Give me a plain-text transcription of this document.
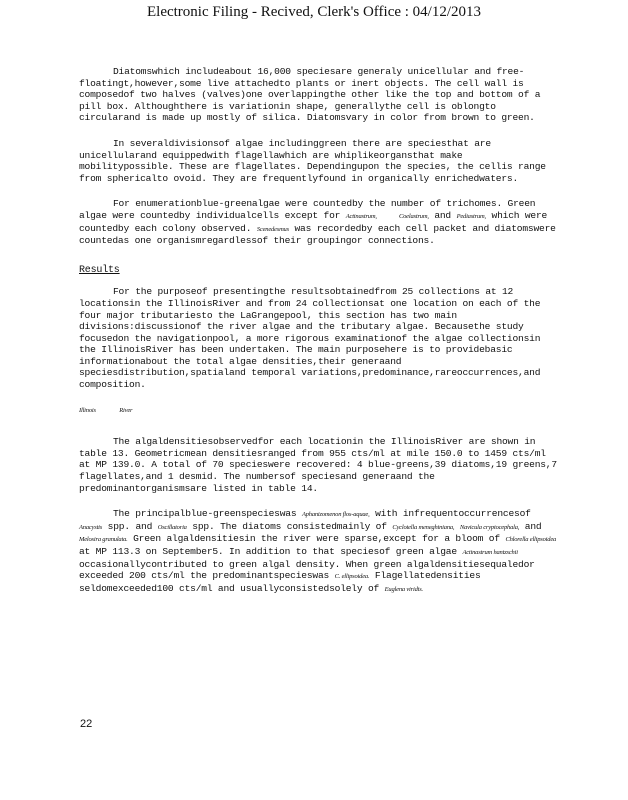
Electronic Filing - Recived, Clerk's Office : 04/12/2013

Diatomswhich includeabout 16,000 speciesare generaly unicellular and free-floatingt,however,some live attachedto plants or inert objects. The cell wall is composedof two halves (valves)one overlappingthe other like the top and bottom of a pill box. Althoughthere is variationin shape, generallythe cell is oblongto circularand is made up mostly of silica. Diatomsvary in color from brown to green.

In severaldivisionsof algae includinggreen there are speciesthat are unicellularand equippedwith flagellawhich are whiplikeorgansthat make mobilitypossible. These are flagellates. Dependingupon the species, the cellis range from sphericalto ovoid. They are frequentlyfound in organically enrichedwaters.

For enumerationblue-greenalgae were countedby the number of trichomes. Green algae were countedby individualcells except for Actinastrum,	Coelastrum, and Pediastrum, which were countedby each colony observed. Scenedesmus was recordedby each cell packet and diatomswere countedas one organismregardlessof their groupingor connections.

Results

For the purposeof presentingthe resultsobtainedfrom 25 collections at 12 locationsin the IllinoisRiver and from 24 collectionsat one location on each of the four major tributariesto the LaGrangepool, this section has two main divisions:discussionof the river algae and the tributary algae. Becausethe study focusedon the navigationpool, a more rigorous examinationof the algae collectionsin the IllinoisRiver has been undertaken. The main purposehere is to providebasic informationabout the total algae densities,their generaand speciesdistribution,spatialand temporal variations,predominance,rareoccurrences,and composition.

Illinois	River

The algaldensitiesobservedfor each locationin the IllinoisRiver are shown in table 13. Geometricmean densitiesranged from 955 cts/ml at mile 150.0 to 1459 cts/ml at MP 139.0. A total of 70 specieswere recovered: 4 blue-greens,39 diatoms,19 greens,7 flagellates,and 1 desmid. The numbersof speciesand generaand the predominantorganismsare listed in table 14.

The principalblue-greenspecieswas Aphanizomenon flos-aquae, with infrequentoccurrencesof Anacystis spp. and Oscillatoria spp. The diatoms consistedmainly of Cyclotella meneghiniana, Navicula cryptocephala, and Melosira granulata. Green algaldensitiesin the river were sparse,except for a bloom of Chlorella ellipsoidea at MP 113.3 on September5. In addition to that speciesof green algae Actinastrum hantzschii occasionallycontributed to green algal density. When green algaldensitiesequaledor exceeded 200 cts/ml the predominantspecieswas C. ellipsoidea. Flagellatedensities seldomexceeded100 cts/ml and usuallyconsistedsolely of Euglena viridis.

22
